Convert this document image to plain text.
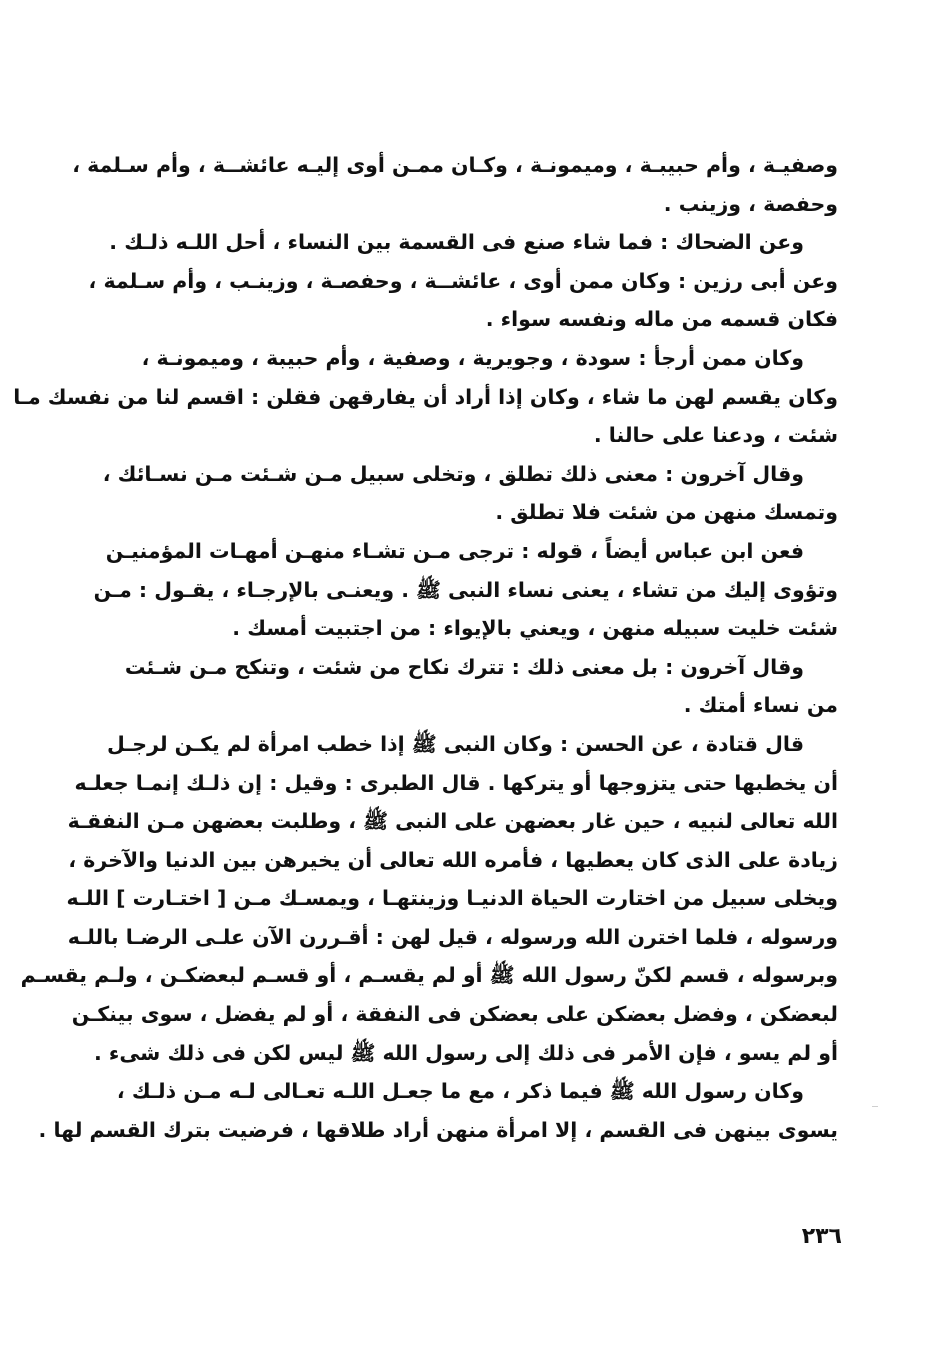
وصفيـة ، وأم حبيبـة ، وميمونـة ، وكـان ممـن أوى إليـه عائشــة ، وأم سـلمة ،
وحفصة ، وزينب .
وعن الضحاك : فما شاء صنع فى القسمة بين النساء ، أحل اللـه ذلـك .
وعن أبى رزين : وكان ممن أوى ، عائشــة ، وحفصـة ، وزينـب ، وأم سـلمة ،
فكان قسمه من ماله ونفسه سواء .
وكان ممن أرجأ : سودة ، وجويرية ، وصفية ، وأم حبيبة ، وميمونـة ،
وكان يقسم لهن ما شاء ، وكان إذا أراد أن يفارقهن فقلن : اقسم لنا من نفسك مـا
شئت ، ودعنا على حالنا .
وقال آخرون : معنى ذلك تطلق ، وتخلى سبيل مـن شـئت مـن نسـائك ،
وتمسك منهن من شئت فلا تطلق .
فعن ابن عباس أيضاً ، قوله : ترجى مـن تشـاء منهـن أمهـات المؤمنيـن
وتؤوى إليك من تشاء ، يعنى نساء النبى ﷺ . ويعنـى بالإرجـاء ، يقـول : مـن
شئت خليت سبيله منهن ، ويعني بالإيواء : من اجتبيت أمسك .
وقال آخرون : بل معنى ذلك : تترك نكاح من شئت ، وتنكح مـن شـئت
من نساء أمتك .
قال قتادة ، عن الحسن : وكان النبى ﷺ إذا خطب امرأة لم يكـن لرجـل
أن يخطبها حتى يتزوجها أو يتركها . قال الطبرى : وقيل : إن ذلـك إنمـا جعلـه
الله تعالى لنبيه ، حين غار بعضهن على النبى ﷺ ، وطلبت بعضهن مـن النفقـة
زيادة على الذى كان يعطيها ، فأمره الله تعالى أن يخيرهن بين الدنيا والآخرة ،
ويخلى سبيل من اختارت الحياة الدنيـا وزينتهـا ، ويمسـك مـن [ اختـارت ] اللـه
ورسوله ، فلما اخترن الله ورسوله ، قيل لهن : أقـررن الآن علـى الرضـا باللـه
وبرسوله ، قسم لكنّ رسول الله ﷺ أو لم يقسـم ، أو قسـم لبعضكـن ، ولـم يقسـم
لبعضكن ، وفضل بعضكن على بعضكن فى النفقة ، أو لم يفضل ، سوى بينكـن
أو لم يسو ، فإن الأمر فى ذلك إلى رسول الله ﷺ ليس لكن فى ذلك شىء .
وكان رسول الله ﷺ فيما ذكر ، مع ما جعـل اللـه تعـالى لـه مـن ذلـك ،
يسوى بينهن فى القسم ، إلا امرأة منهن أراد طلاقها ، فرضيت بترك القسم لها .
٢٣٦
